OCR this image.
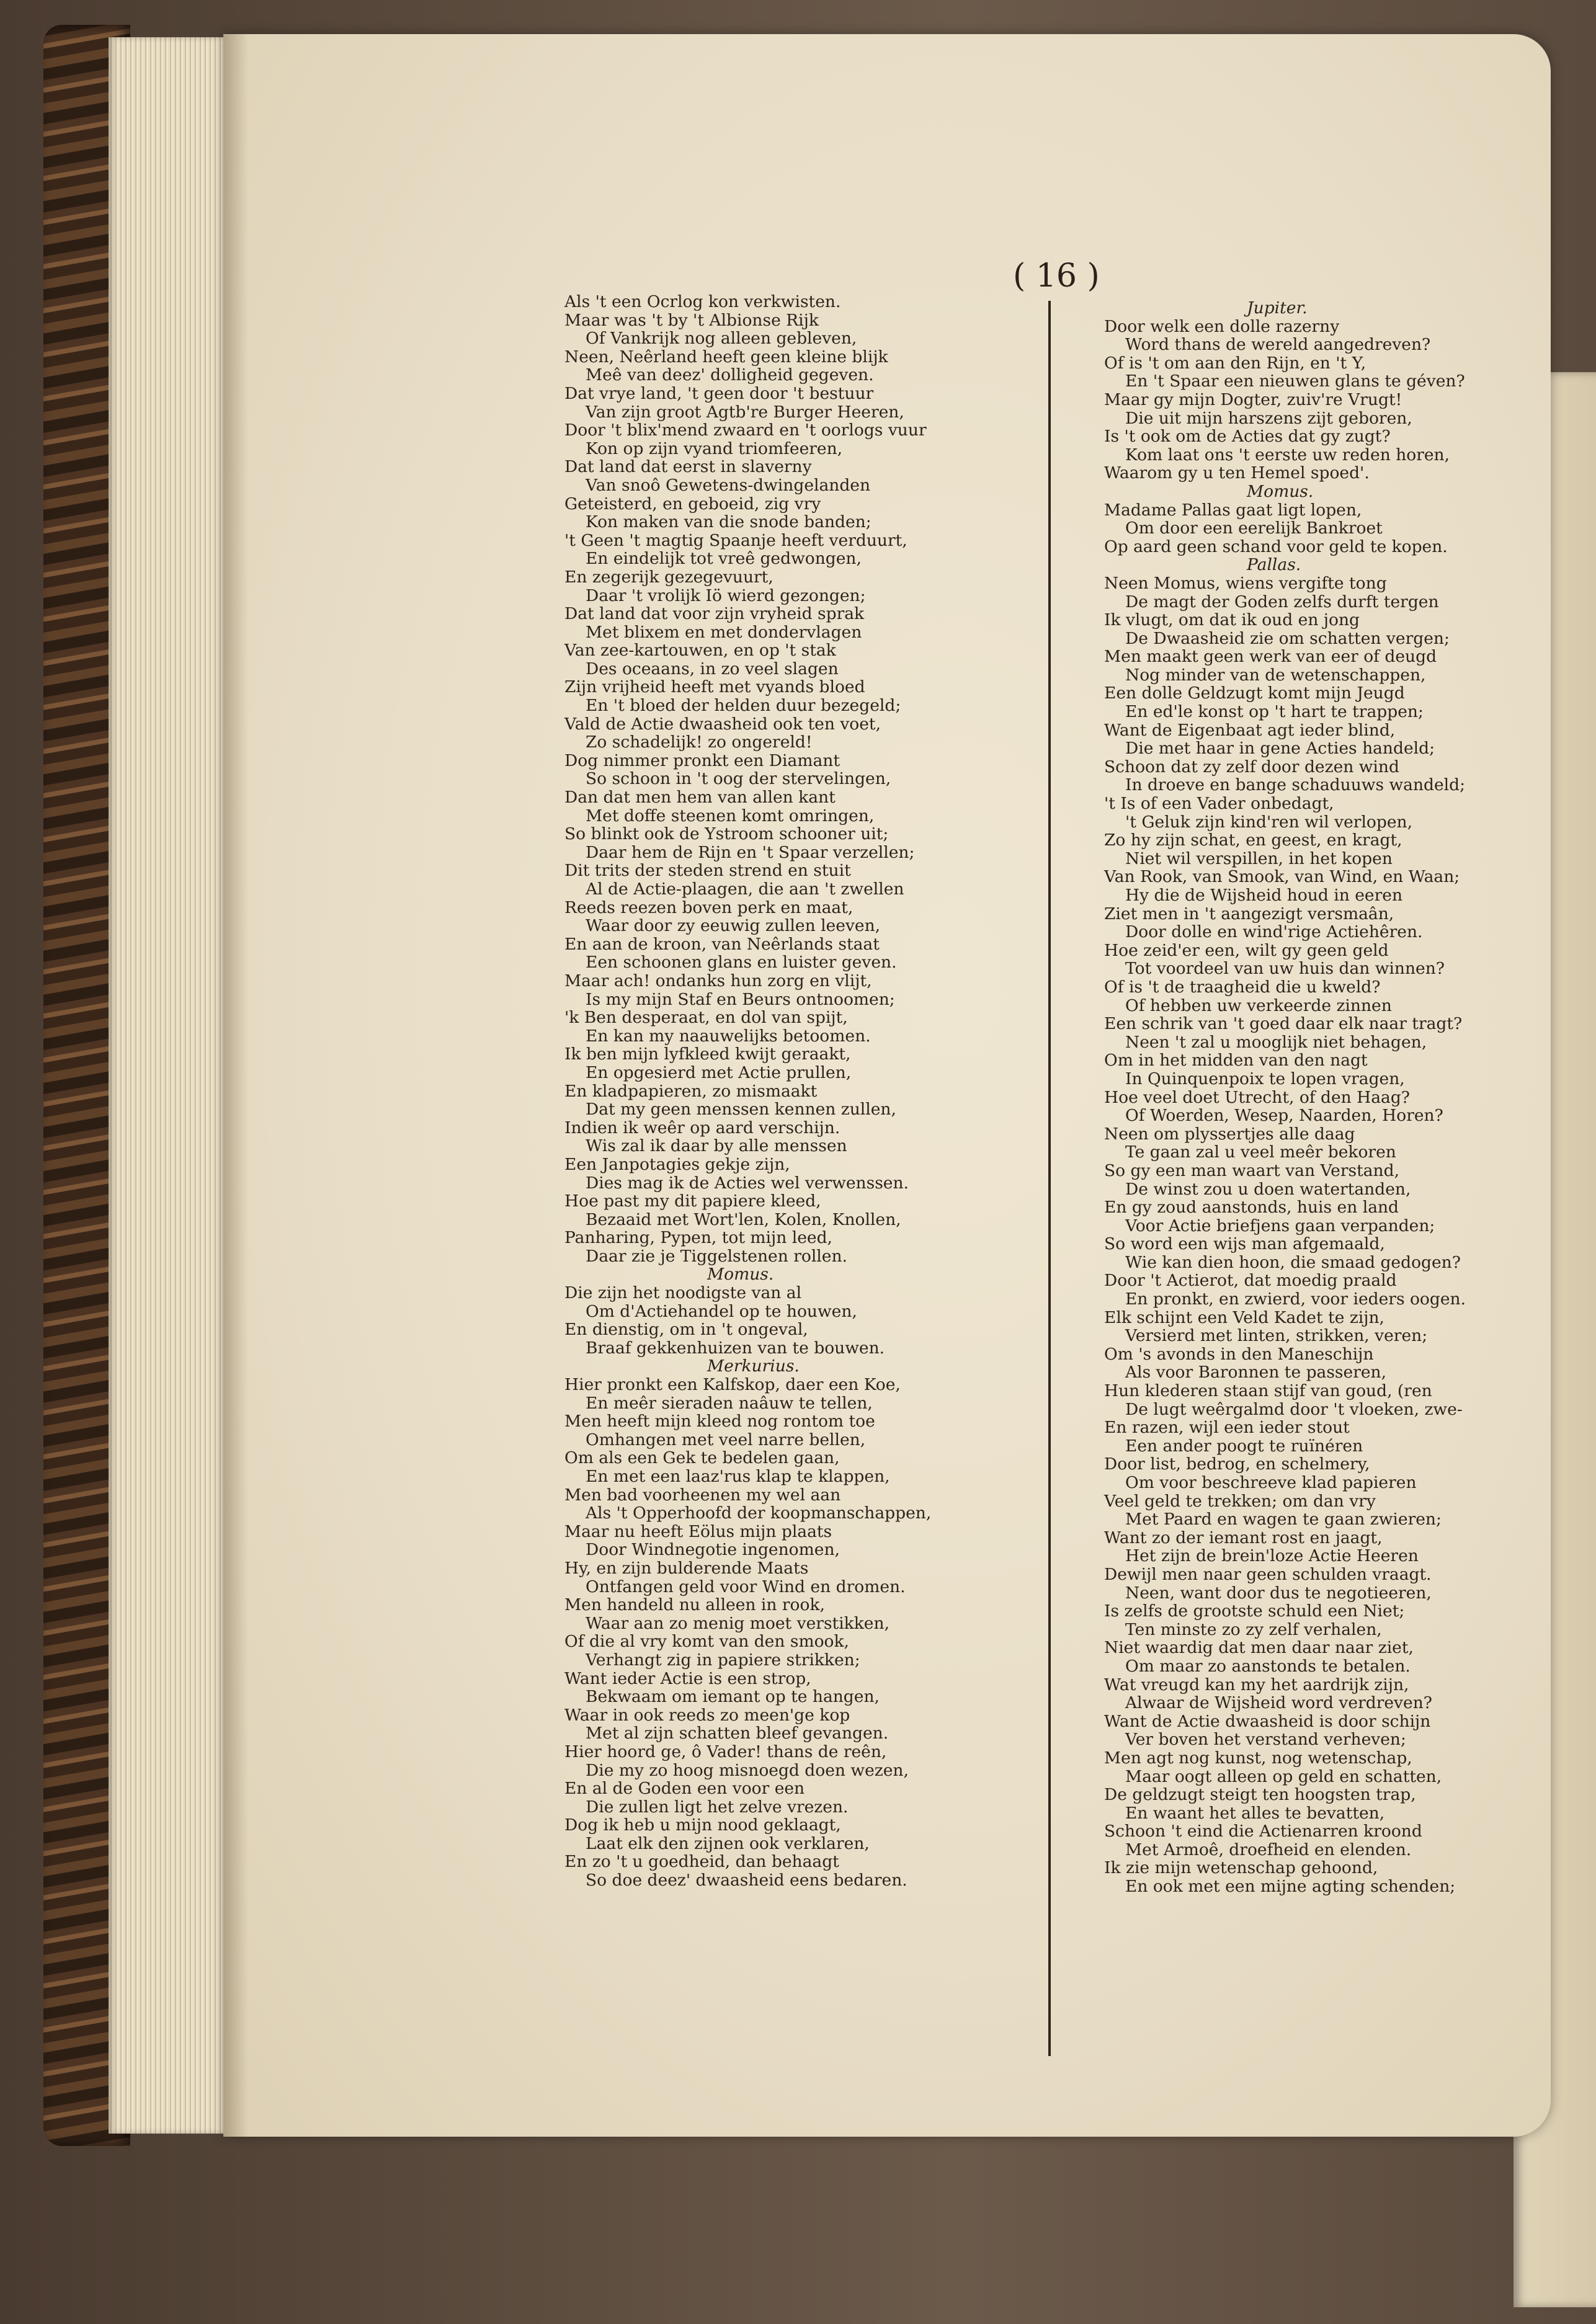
( 16 )
Als 't een Ocrlog kon verkwisten.
Maar was 't by 't Albionse Rijk
Of Vankrijk nog alleen gebleven,
Neen, Neêrland heeft geen kleine blijk
Meê van deez' dolligheid gegeven.
Dat vrye land, 't geen door 't bestuur
Van zijn groot Agtb're Burger Heeren,
Door 't blix'mend zwaard en 't oorlogs vuur
Kon op zijn vyand triomfeeren,
Dat land dat eerst in slaverny
Van snoô Gewetens-dwingelanden
Geteisterd, en geboeid, zig vry
Kon maken van die snode banden;
't Geen 't magtig Spaanje heeft verduurt,
En eindelijk tot vreê gedwongen,
En zegerijk gezegevuurt,
Daar 't vrolijk Iö wierd gezongen;
Dat land dat voor zijn vryheid sprak
Met blixem en met dondervlagen
Van zee-kartouwen, en op 't stak
Des oceaans, in zo veel slagen
Zijn vrijheid heeft met vyands bloed
En 't bloed der helden duur bezegeld;
Vald de Actie dwaasheid ook ten voet,
Zo schadelijk! zo ongereld!
Dog nimmer pronkt een Diamant
So schoon in 't oog der stervelingen,
Dan dat men hem van allen kant
Met doffe steenen komt omringen,
So blinkt ook de Ystroom schooner uit;
Daar hem de Rijn en 't Spaar verzellen;
Dit trits der steden strend en stuit
Al de Actie-plaagen, die aan 't zwellen
Reeds reezen boven perk en maat,
Waar door zy eeuwig zullen leeven,
En aan de kroon, van Neêrlands staat
Een schoonen glans en luister geven.
Maar ach! ondanks hun zorg en vlijt,
Is my mijn Staf en Beurs ontnoomen;
'k Ben desperaat, en dol van spijt,
En kan my naauwelijks betoomen.
Ik ben mijn lyfkleed kwijt geraakt,
En opgesierd met Actie prullen,
En kladpapieren, zo mismaakt
Dat my geen menssen kennen zullen,
Indien ik weêr op aard verschijn.
Wis zal ik daar by alle menssen
Een Janpotagies gekje zijn,
Dies mag ik de Acties wel verwenssen.
Hoe past my dit papiere kleed,
Bezaaid met Wort'len, Kolen, Knollen,
Panharing, Pypen, tot mijn leed,
Daar zie je Tiggelstenen rollen.
Momus.
Die zijn het noodigste van al
Om d'Actiehandel op te houwen,
En dienstig, om in 't ongeval,
Braaf gekkenhuizen van te bouwen.
Merkurius.
Hier pronkt een Kalfskop, daer een Koe,
En meêr sieraden naâuw te tellen,
Men heeft mijn kleed nog rontom toe
Omhangen met veel narre bellen,
Om als een Gek te bedelen gaan,
En met een laaz'rus klap te klappen,
Men bad voorheenen my wel aan
Als 't Opperhoofd der koopmanschappen,
Maar nu heeft Eölus mijn plaats
Door Windnegotie ingenomen,
Hy, en zijn bulderende Maats
Ontfangen geld voor Wind en dromen.
Men handeld nu alleen in rook,
Waar aan zo menig moet verstikken,
Of die al vry komt van den smook,
Verhangt zig in papiere strikken;
Want ieder Actie is een strop,
Bekwaam om iemant op te hangen,
Waar in ook reeds zo meen'ge kop
Met al zijn schatten bleef gevangen.
Hier hoord ge, ô Vader! thans de reên,
Die my zo hoog misnoegd doen wezen,
En al de Goden een voor een
Die zullen ligt het zelve vrezen.
Dog ik heb u mijn nood geklaagt,
Laat elk den zijnen ook verklaren,
En zo 't u goedheid, dan behaagt
So doe deez' dwaasheid eens bedaren.
Jupiter.
Door welk een dolle razerny
Word thans de wereld aangedreven?
Of is 't om aan den Rijn, en 't Y,
En 't Spaar een nieuwen glans te géven?
Maar gy mijn Dogter, zuiv're Vrugt!
Die uit mijn harszens zijt geboren,
Is 't ook om de Acties dat gy zugt?
Kom laat ons 't eerste uw reden horen,
Waarom gy u ten Hemel spoed'.
Momus.
Madame Pallas gaat ligt lopen,
Om door een eerelijk Bankroet
Op aard geen schand voor geld te kopen.
Pallas.
Neen Momus, wiens vergifte tong
De magt der Goden zelfs durft tergen
Ik vlugt, om dat ik oud en jong
De Dwaasheid zie om schatten vergen;
Men maakt geen werk van eer of deugd
Nog minder van de wetenschappen,
Een dolle Geldzugt komt mijn Jeugd
En ed'le konst op 't hart te trappen;
Want de Eigenbaat agt ieder blind,
Die met haar in gene Acties handeld;
Schoon dat zy zelf door dezen wind
In droeve en bange schaduuws wandeld;
't Is of een Vader onbedagt,
't Geluk zijn kind'ren wil verlopen,
Zo hy zijn schat, en geest, en kragt,
Niet wil verspillen, in het kopen
Van Rook, van Smook, van Wind, en Waan;
Hy die de Wijsheid houd in eeren
Ziet men in 't aangezigt versmaân,
Door dolle en wind'rige Actiehêren.
Hoe zeid'er een, wilt gy geen geld
Tot voordeel van uw huis dan winnen?
Of is 't de traagheid die u kweld?
Of hebben uw verkeerde zinnen
Een schrik van 't goed daar elk naar tragt?
Neen 't zal u mooglijk niet behagen,
Om in het midden van den nagt
In Quinquenpoix te lopen vragen,
Hoe veel doet Utrecht, of den Haag?
Of Woerden, Wesep, Naarden, Horen?
Neen om plyssertjes alle daag
Te gaan zal u veel meêr bekoren
So gy een man waart van Verstand,
De winst zou u doen watertanden,
En gy zoud aanstonds, huis en land
Voor Actie briefjens gaan verpanden;
So word een wijs man afgemaald,
Wie kan dien hoon, die smaad gedogen?
Door 't Actierot, dat moedig praald
En pronkt, en zwierd, voor ieders oogen.
Elk schijnt een Veld Kadet te zijn,
Versierd met linten, strikken, veren;
Om 's avonds in den Maneschijn
Als voor Baronnen te passeren,
Hun klederen staan stijf van goud, (ren
De lugt weêrgalmd door 't vloeken, zwe-
En razen, wijl een ieder stout
Een ander poogt te ruïnéren
Door list, bedrog, en schelmery,
Om voor beschreeve klad papieren
Veel geld te trekken; om dan vry
Met Paard en wagen te gaan zwieren;
Want zo der iemant rost en jaagt,
Het zijn de brein'loze Actie Heeren
Dewijl men naar geen schulden vraagt.
Neen, want door dus te negotieeren,
Is zelfs de grootste schuld een Niet;
Ten minste zo zy zelf verhalen,
Niet waardig dat men daar naar ziet,
Om maar zo aanstonds te betalen.
Wat vreugd kan my het aardrijk zijn,
Alwaar de Wijsheid word verdreven?
Want de Actie dwaasheid is door schijn
Ver boven het verstand verheven;
Men agt nog kunst, nog wetenschap,
Maar oogt alleen op geld en schatten,
De geldzugt steigt ten hoogsten trap,
En waant het alles te bevatten,
Schoon 't eind die Actienarren kroond
Met Armoê, droefheid en elenden.
Ik zie mijn wetenschap gehoond,
En ook met een mijne agting schenden;
